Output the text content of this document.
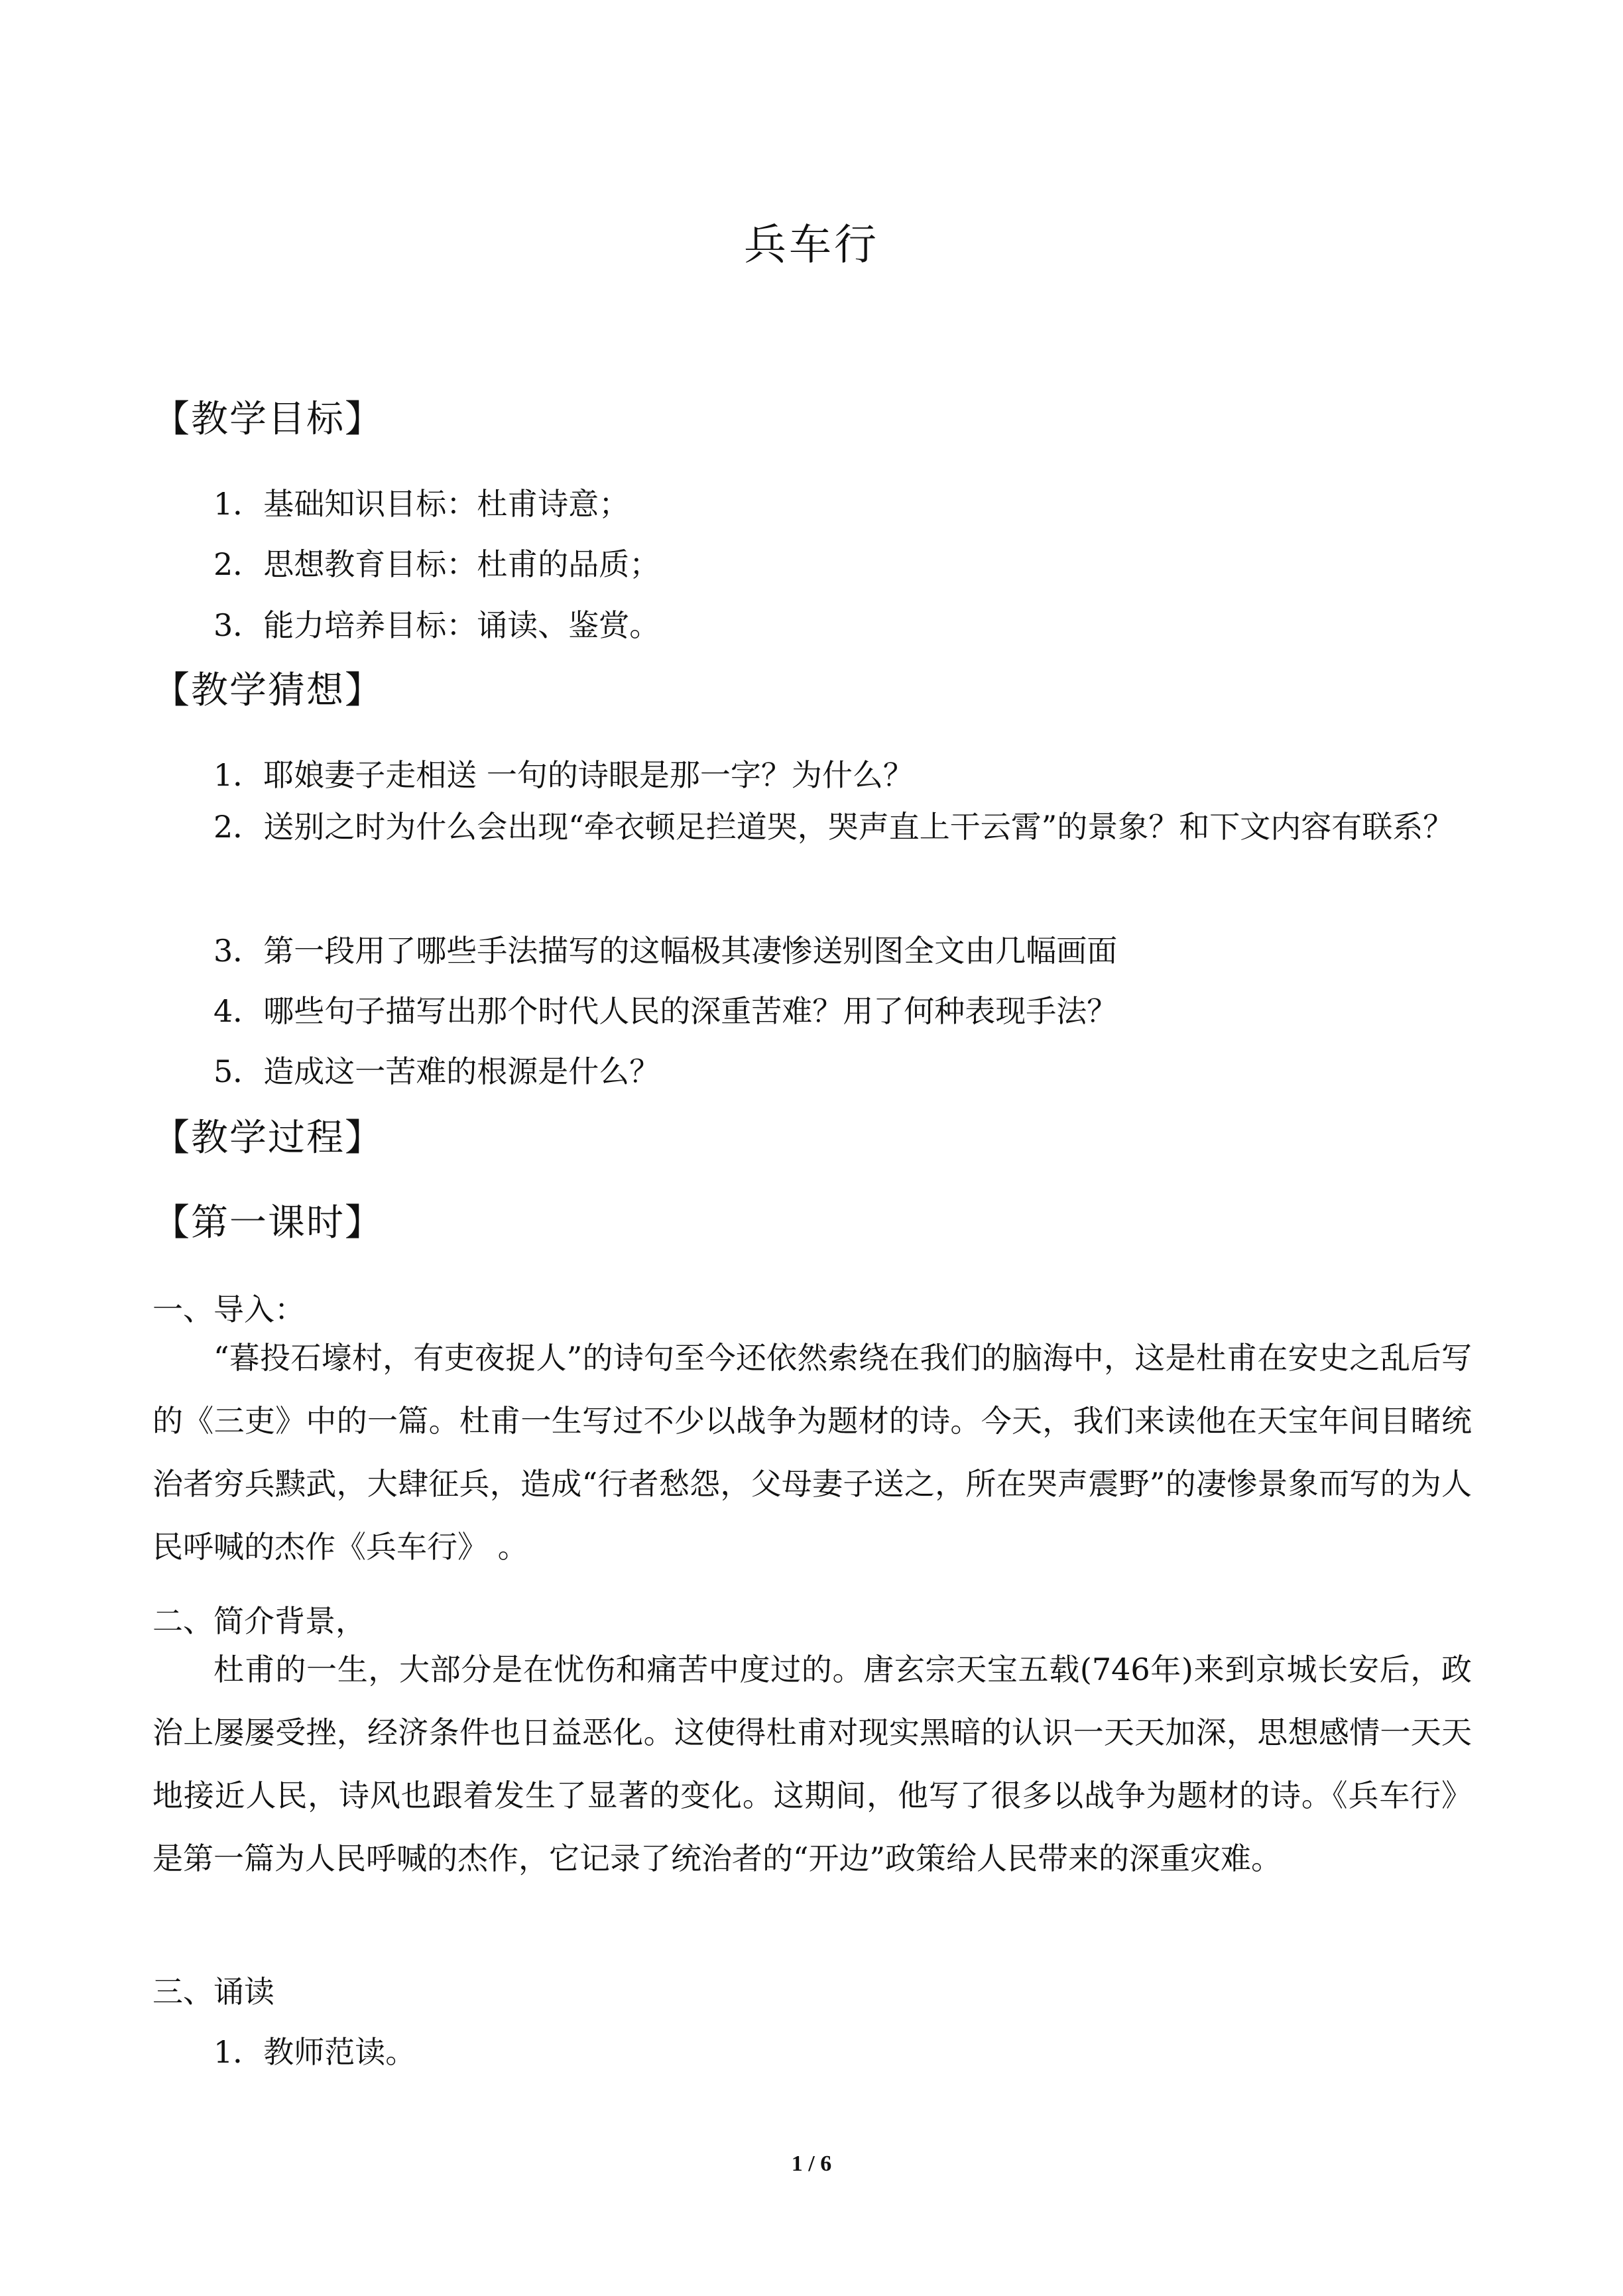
兵车行
【教学目标】
1．基础知识目标：杜甫诗意；
2．思想教育目标：杜甫的品质；
3．能力培养目标：诵读、鉴赏。
【教学猜想】
1．耶娘妻子走相送 一句的诗眼是那一字？为什么？
2．送别之时为什么会出现“牵衣顿足拦道哭，哭声直上干云霄”的景象？和下文内容有联系？
3．第一段用了哪些手法描写的这幅极其凄惨送别图全文由几幅画面
4．哪些句子描写出那个时代人民的深重苦难？用了何种表现手法？
5．造成这一苦难的根源是什么？
【教学过程】
【第一课时】
一、导入：
“暮投石壕村，有吏夜捉人”的诗句至今还依然索绕在我们的脑海中，这是杜甫在安史之乱后写的《三吏》中的一篇。杜甫一生写过不少以战争为题材的诗。今天，我们来读他在天宝年间目睹统治者穷兵黩武，大肆征兵，造成“行者愁怨，父母妻子送之，所在哭声震野”的凄惨景象而写的为人民呼喊的杰作《兵车行》 。
二、简介背景，
杜甫的一生，大部分是在忧伤和痛苦中度过的。唐玄宗天宝五载(746年)来到京城长安后，政治上屡屡受挫，经济条件也日益恶化。这使得杜甫对现实黑暗的认识一天天加深，思想感情一天天地接近人民，诗风也跟着发生了显著的变化。这期间，他写了很多以战争为题材的诗。《兵车行》是第一篇为人民呼喊的杰作，它记录了统治者的“开边”政策给人民带来的深重灾难。
三、诵读
1．教师范读。
1 / 6
